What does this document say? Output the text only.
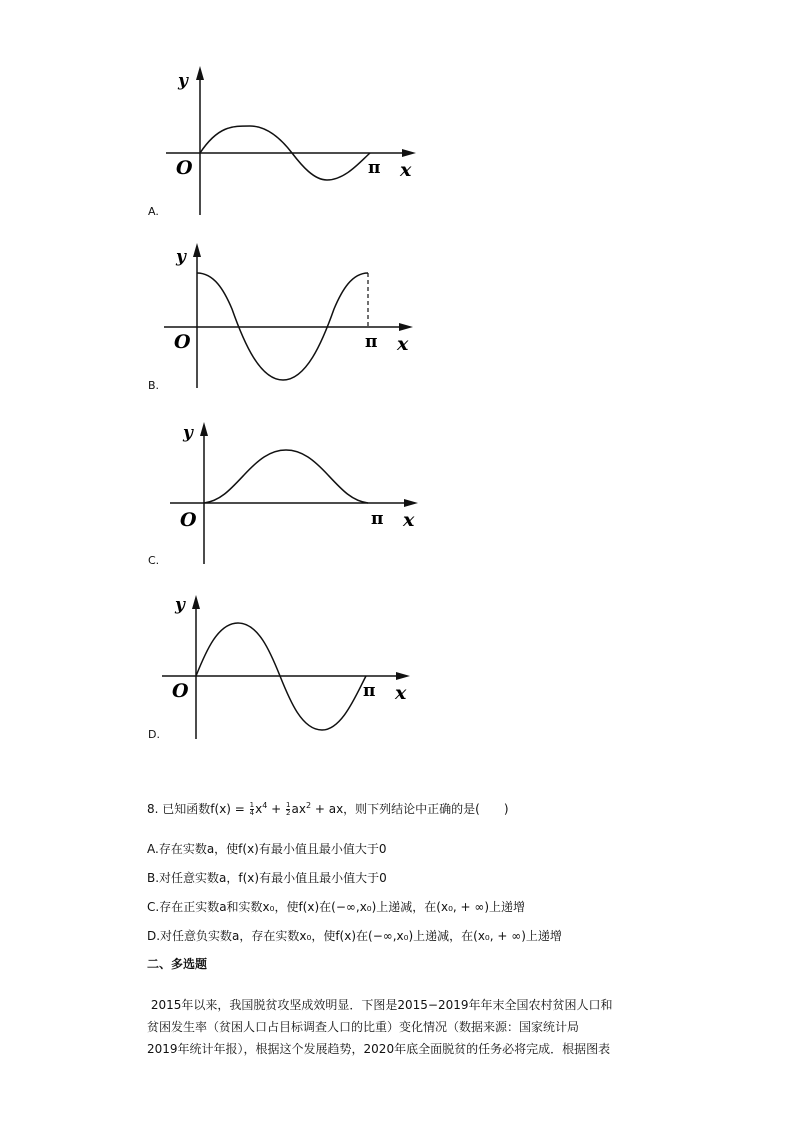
y
O	π x
A.
y
O	π x
B.
y
O	π x
C.
y
O	π x
D.
8. 已知函数$f(x) = \frac{1}{4} x^4 + \frac{1}{2} ax^2$ + ax，则下列结论中正确的是(　　)
A.存在实数a，使f(x)有最小值且最小值大于0
B.对任意实数a，f(x)有最小值且最小值大于0
C.存在正实数a和实数x₀，使f(x)在(−∞,x₀)上递减，在(x₀, + ∞)上递增
D.对任意负实数a，存在实数x₀，使f(x)在(−∞,x₀)上递减，在(x₀, + ∞)上递增
二、多选题
2015年以来，我国脱贫攻坚成效明显．下图是2015−2019年年末全国农村贫困人口和
贫困发生率（贫困人口占目标调查人口的比重）变化情况（数据来源：国家统计局
2019年统计年报），根据这个发展趋势，2020年底全面脱贫的任务必将完成．根据图表
